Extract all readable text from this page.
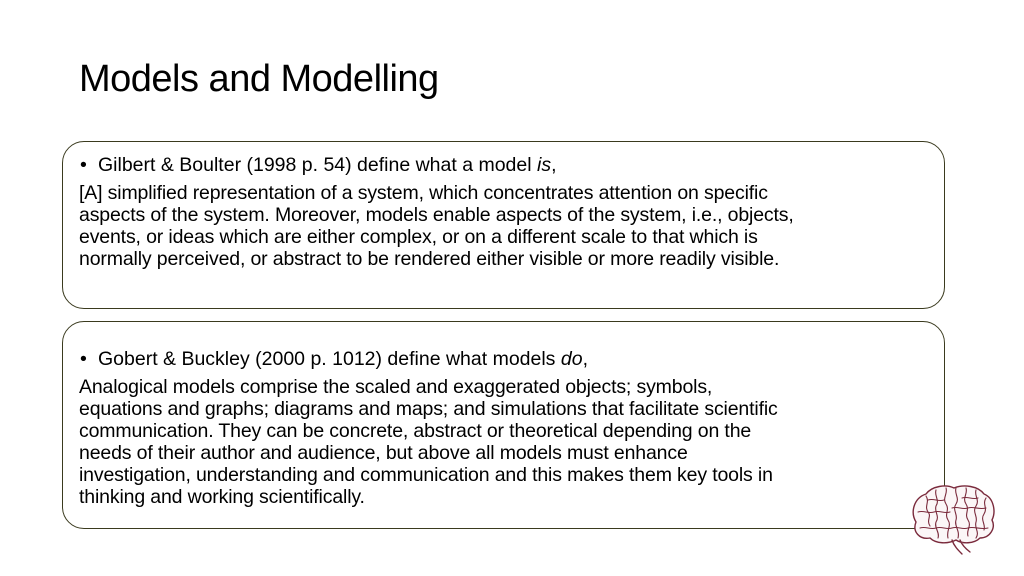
Models and Modelling
• Gilbert & Boulter (1998 p. 54) define what a model is,
[A] simplified representation of a system, which concentrates attention on specific
aspects of the system. Moreover, models enable aspects of the system, i.e., objects,
events, or ideas which are either complex, or on a different scale to that which is
normally perceived, or abstract to be rendered either visible or more readily visible.
• Gobert & Buckley (2000 p. 1012) define what models do,
Analogical models comprise the scaled and exaggerated objects; symbols,
equations and graphs; diagrams and maps; and simulations that facilitate scientific
communication. They can be concrete, abstract or theoretical depending on the
needs of their author and audience, but above all models must enhance
investigation, understanding and communication and this makes them key tools in
thinking and working scientifically.
